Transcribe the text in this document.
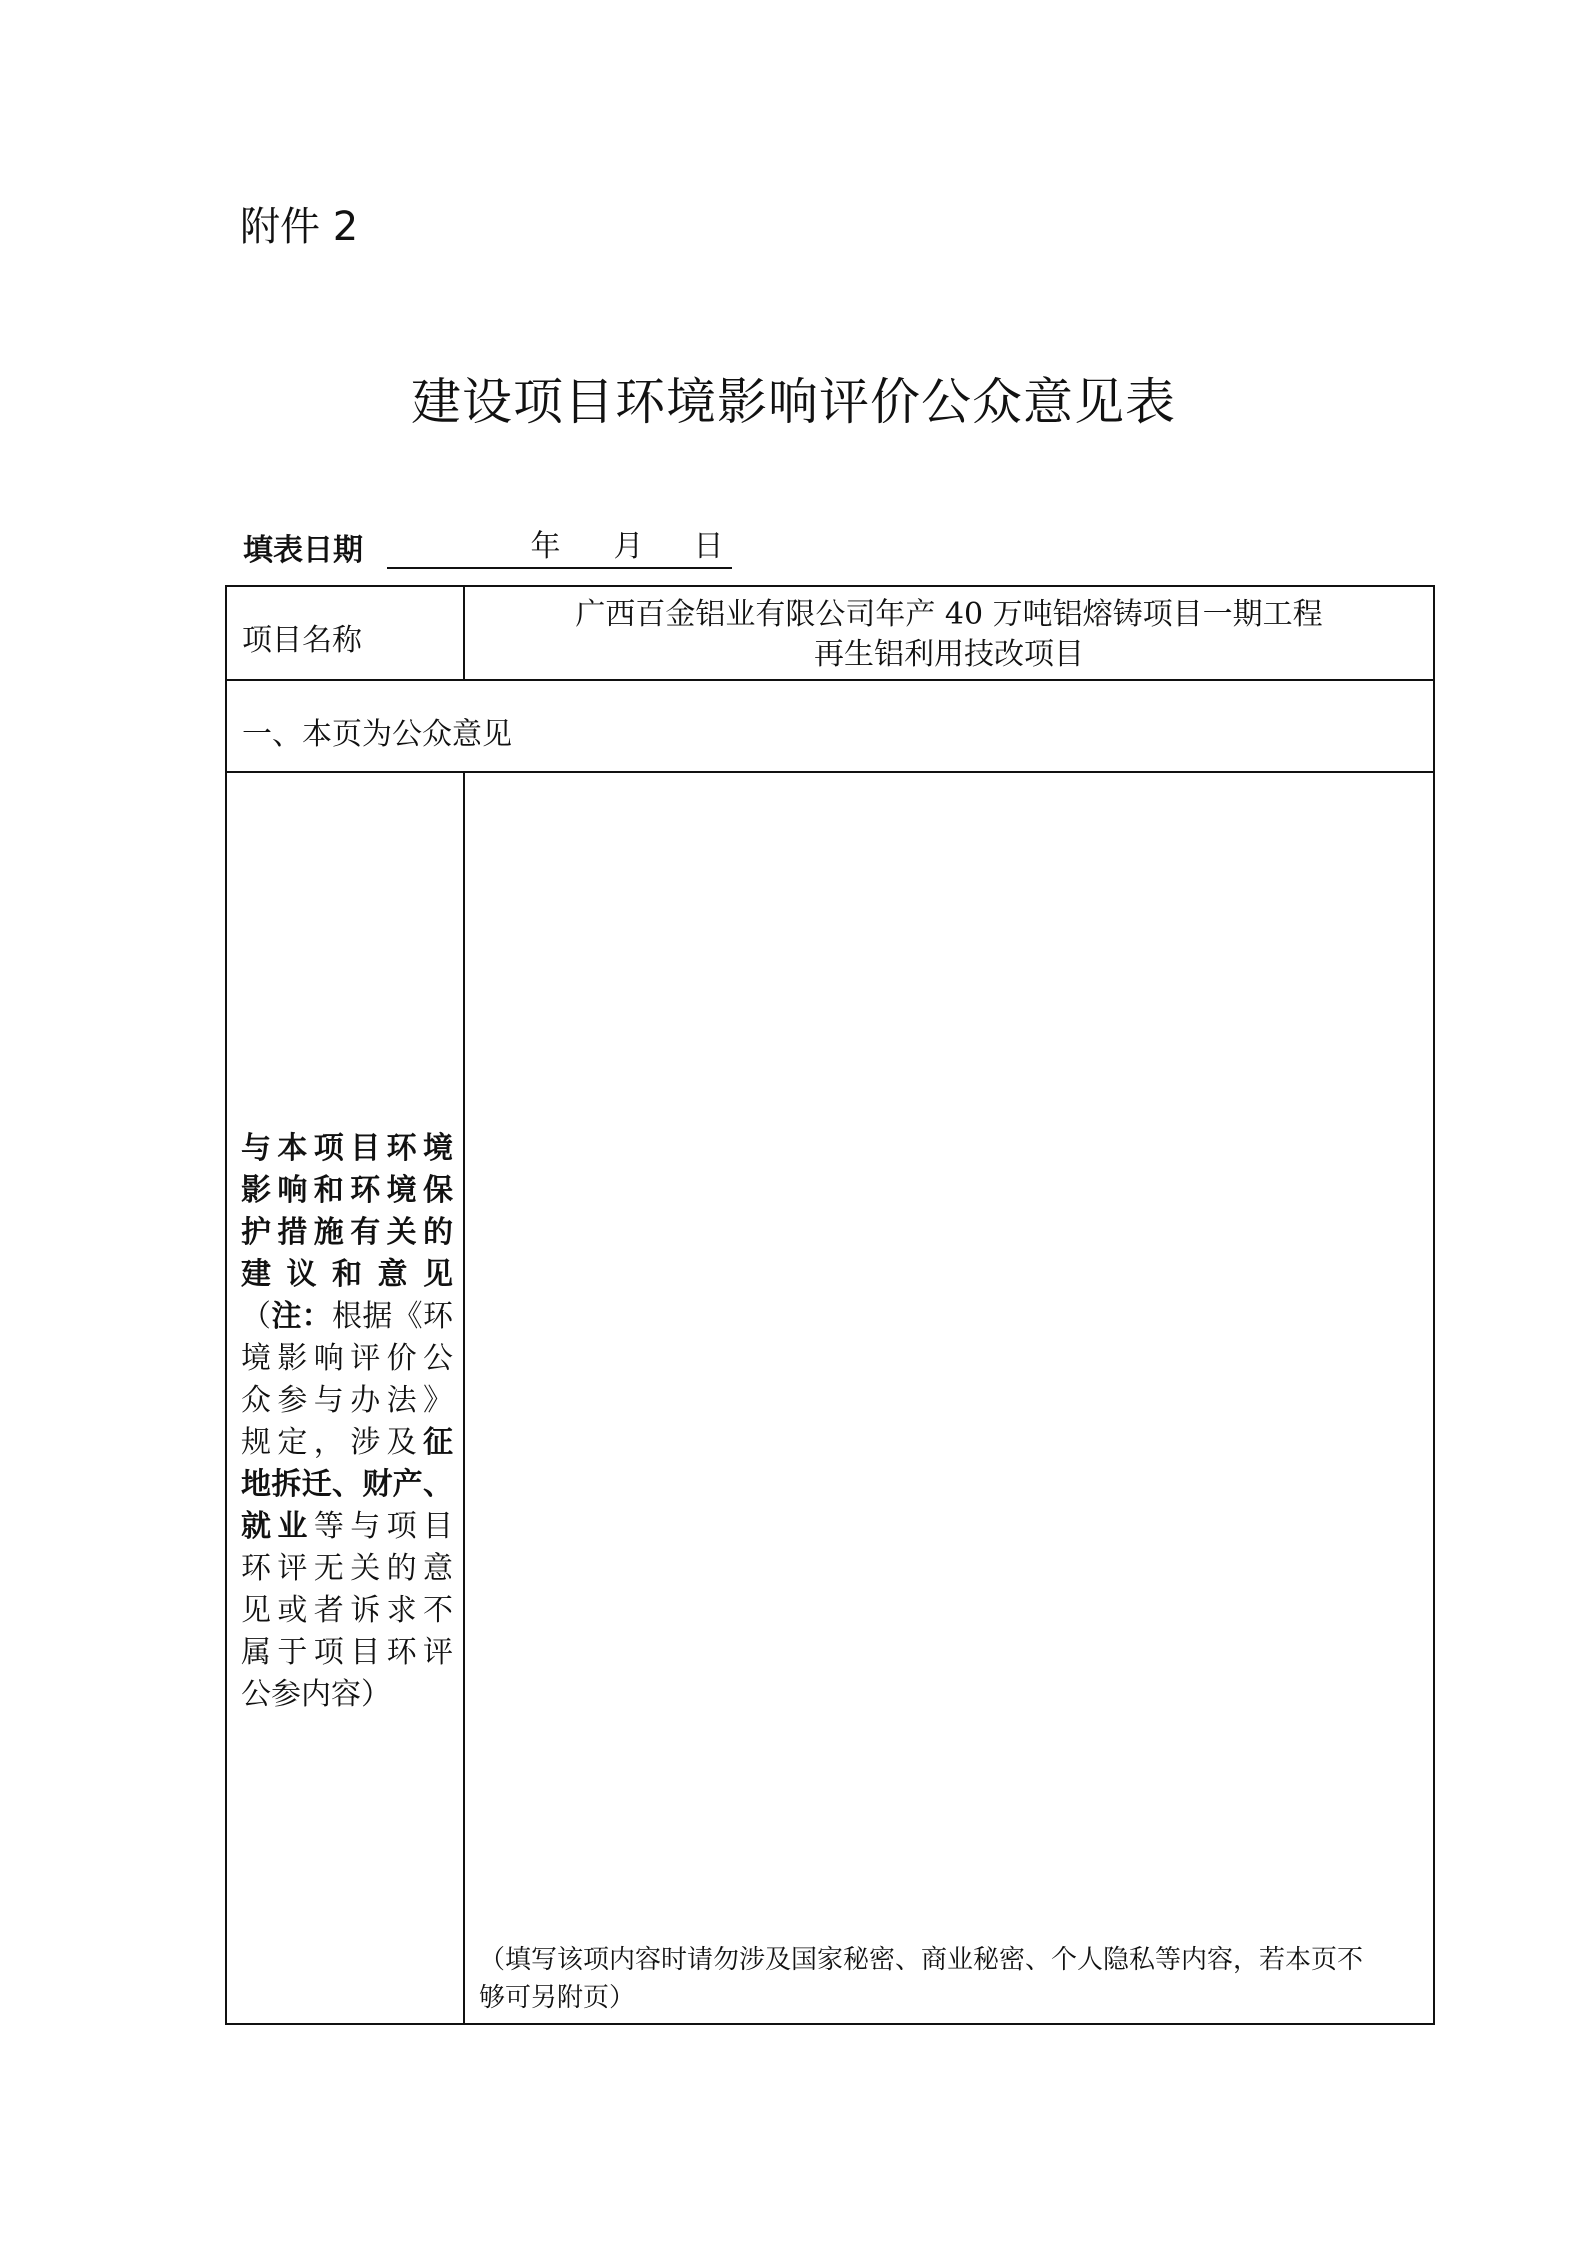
附件 2
建设项目环境影响评价公众意见表
填表日期	年 月 日
项目名称
广西百金铝业有限公司年产 40 万吨铝熔铸项目一期工程
再生铝利用技改项目
一、本页为公众意见
与本项目环境
影响和环境保
护措施有关的
建 议 和 意 见
（注：根据《环
境影响评价公
众参与办法》
规定，涉及征
地拆迁、财产、
就业等与项目
环评无关的意
见或者诉求不
属于项目环评
公参内容）
（填写该项内容时请勿涉及国家秘密、商业秘密、个人隐私等内容，若本页不
够可另附页）
